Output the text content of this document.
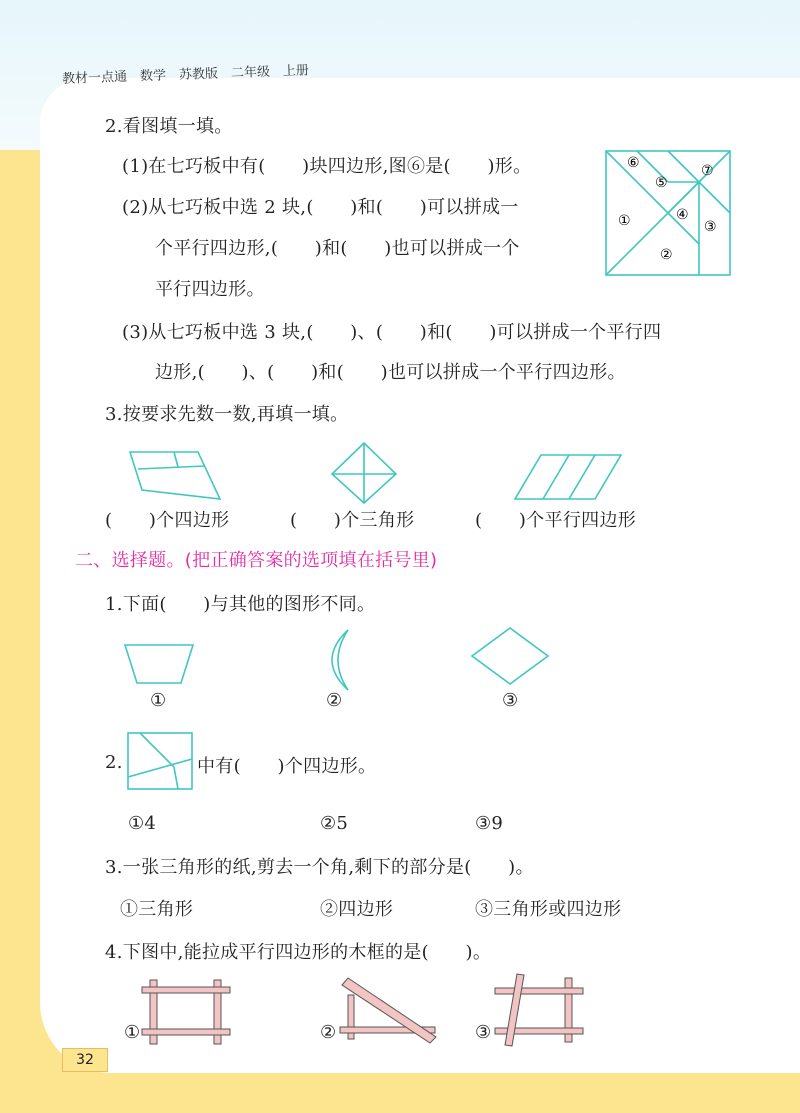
教材一点通　数学　苏教版　二年级　上册
2.看图填一填。
(1)在七巧板中有(　　)块四边形,图⑥是(　　)形。
(2)从七巧板中选 2 块,(　　)和(　　)可以拼成一
个平行四边形,(　　)和(　　)也可以拼成一个
平行四边形。
(3)从七巧板中选 3 块,(　　)、(　　)和(　　)可以拼成一个平行四
边形,(　　)、(　　)和(　　)也可以拼成一个平行四边形。
⑥
⑤
⑦
①	④
③
②
3.按要求先数一数,再填一填。
(　　)个四边形	(　　)个三角形	(　　)个平行四边形
二、选择题。(把正确答案的选项填在括号里)
1.下面(　　)与其他的图形不同。
①	②	③
2.	中有(　　)个四边形。
①4	②5	③9
3.一张三角形的纸,剪去一个角,剩下的部分是(　　)。
①三角形	②四边形	③三角形或四边形
4.下图中,能拉成平行四边形的木框的是(　　)。
①	②	③
32
